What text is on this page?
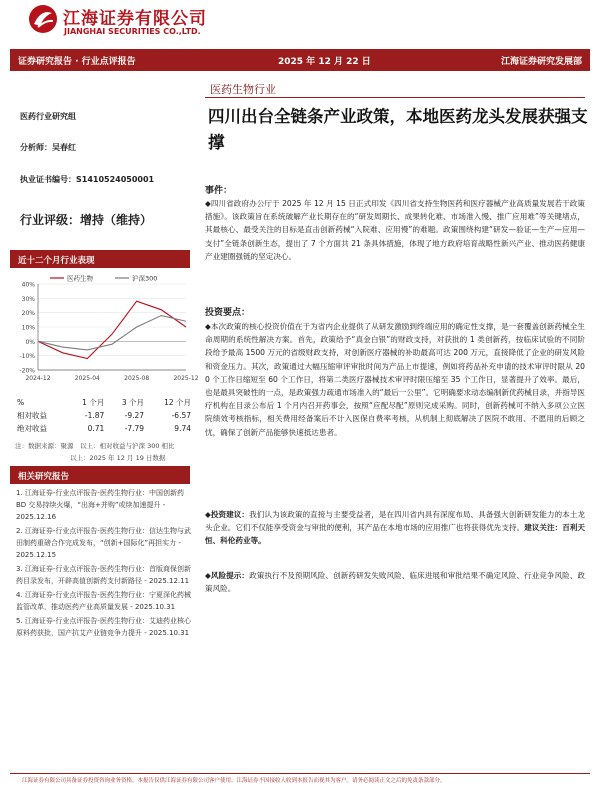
江海证券有限公司
JIANGHAI SECURITIES CO.,LTD.
证券研究报告 · 行业点评报告	2025 年 12 月 22 日	江海证券研究发展部
医药行业研究组
分析师：吴春红
执业证书编号：S1410524050001
行业评级：增持（维持）
近十二个月行业表现
40%
30%
20%
10%
0%
-10%
-20%
2024-12	2025-04	2025-08	2025-12
医药生物	沪深300
%	1 个月	3 个月	12 个月
相对收益	-1.87	-9.27	-6.57
绝对收益	0.71	-7.79	9.74
注：数据来源：聚源　以上：相对收益与沪深 300 相比
以上：2025 年 12 月 19 日数据
相关研究报告
1. 江海证券-行业点评报告-医药生物行业：中国创新药 BD 交易持续火爆，“出海+并购”或续加速提升 - 2025.12.16
2. 江海证券-行业点评报告-医药生物行业：信达生物与武田制药重磅合作完成发布，“创新+国际化”再担实力 - 2025.12.15
3. 江海证券-行业点评报告-医药生物行业：首版商保创新药目录发布，开辟高值创新药支付新路径 - 2025.12.11
4. 江海证券-行业点评报告-医药生物行业：宁夏深化药械监管改革，推动医药产业高质量发展 - 2025.10.31
5. 江海证券-行业点评报告-医药生物行业：艾迪药业核心原料药获批，国产抗艾产业链竞争力提升 - 2025.10.31
医药生物行业
四川出台全链条产业政策，本地医药龙头发展获强支撑
事件：
◆四川省政府办公厅于 2025 年 12 月 15 日正式印发《四川省支持生物医药和医疗器械产业高质量发展若干政策措施》。该政策旨在系统破解产业长期存在的“研发周期长、成果转化难、市场准入慢、推广应用难”等关键堵点，其最核心、最受关注的目标是直击创新药械“入院难、应用慢”的难题。政策围绕构建“研发—验证—生产—应用—支付”全链条创新生态，提出了 7 个方面共 21 条具体措施，体现了地方政府培育战略性新兴产业、推动医药健康产业建圈强链的坚定决心。
投资要点：
◆本次政策的核心投资价值在于为省内企业提供了从研发激励到终端应用的确定性支撑，是一套覆盖创新药械全生命周期的系统性解决方案。首先，政策给予“真金白银”的财政支持，对获批的 1 类创新药，按临床试验的不同阶段给予最高 1500 万元的省级财政支持，对创新医疗器械的补助最高可达 200 万元，直接降低了企业的研发风险和资金压力。其次，政策通过大幅压缩审评审批时间为产品上市提速，例如将药品补充申请的技术审评时限从 200 个工作日缩短至 60 个工作日，将第二类医疗器械技术审评时限压缩至 35 个工作日，显著提升了效率。最后，也是最具突破性的一点，是政策强力疏通市场准入的“最后一公里”。它明确要求动态编制新优药械目录，并指导医疗机构在目录公布后 1 个月内召开药事会，按照“应配尽配”原则完成采购。同时，创新药械可不纳入多项公立医院绩效考核指标，相关费用经备案后不计入医保自费率考核，从机制上彻底解决了医院不敢用、不愿用的后顾之忧，确保了创新产品能够快速抵达患者。
◆投资建议：我们认为该政策的直接与主要受益者，是在四川省内具有深度布局、具备强大创新研发能力的本土龙头企业。它们不仅能享受资金与审批的便利，其产品在本地市场的应用推广也将获得优先支持。建议关注：百利天恒、科伦药业等。
◆风险提示：政策执行不及预期风险、创新药研发失败风险、临床进展和审批结果不确定风险、行业竞争风险、政策风险。
江海证券有限公司具备证券投资咨询业务资格。本报告仅供江海证券有限公司客户使用。江海证券不因接收人收到本报告而视其为客户。请务必阅读正文之后的免责条款部分。
